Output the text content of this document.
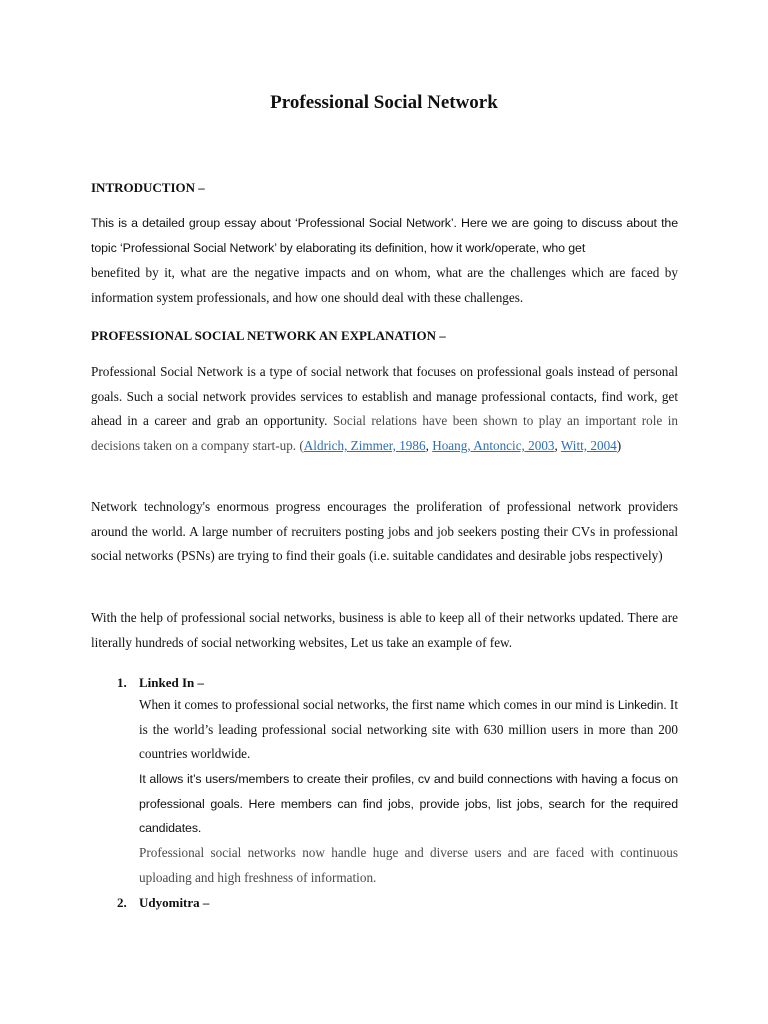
Professional Social Network

INTRODUCTION –

This is a detailed group essay about ‘Professional Social Network’. Here we are going to discuss about the topic ‘Professional Social Network’ by elaborating its definition, how it work/operate, who get

benefited by it, what are the negative impacts and on whom, what are the challenges which are faced by information system professionals, and how one should deal with these challenges.

PROFESSIONAL SOCIAL NETWORK AN EXPLANATION –

Professional Social Network is a type of social network that focuses on professional goals instead of personal goals. Such a social network provides services to establish and manage professional contacts, find work, get ahead in a career and grab an opportunity. Social relations have been shown to play an important role in decisions taken on a company start-up. (Aldrich, Zimmer, 1986, Hoang, Antoncic, 2003, Witt, 2004)

Network technology's enormous progress encourages the proliferation of professional network providers around the world. A large number of recruiters posting jobs and job seekers posting their CVs in professional social networks (PSNs) are trying to find their goals (i.e. suitable candidates and desirable jobs respectively)

With the help of professional social networks, business is able to keep all of their networks updated. There are literally hundreds of social networking websites, Let us take an example of few.

1. Linked In –

When it comes to professional social networks, the first name which comes in our mind is Linkedin. It is the world’s leading professional social networking site with 630 million users in more than 200 countries worldwide.

It allows it’s users/members to create their profiles, cv and build connections with having a focus on professional goals. Here members can find jobs, provide jobs, list jobs, search for the required candidates.

Professional social networks now handle huge and diverse users and are faced with continuous uploading and high freshness of information.

2. Udyomitra –
